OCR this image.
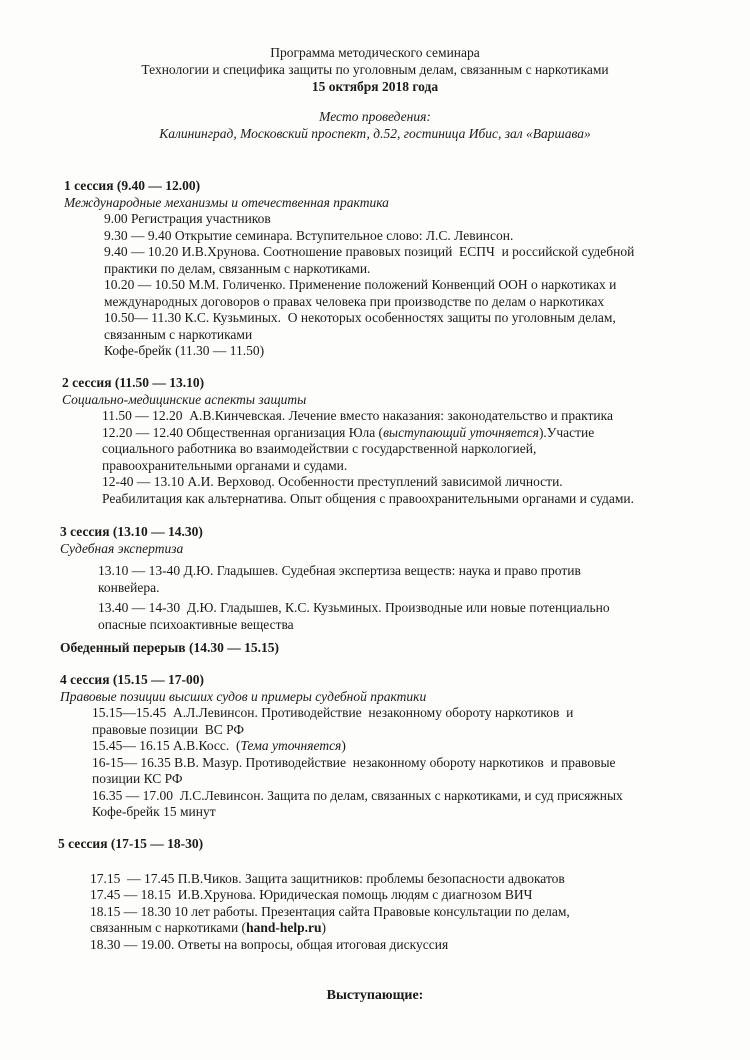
Программа методического семинара
Технологии и специфика защиты по уголовным делам, связанным с наркотиками
15 октября 2018 года
Место проведения:
Калининград, Московский проспект, д.52, гостиница Ибис, зал «Варшава»
1 сессия (9.40 — 12.00)
Международные механизмы и отечественная практика
9.00 Регистрация участников
9.30 — 9.40 Открытие семинара. Вступительное слово: Л.С. Левинсон.
9.40 — 10.20 И.В.Хрунова. Соотношение правовых позиций  ЕСПЧ  и российской судебной
практики по делам, связанным с наркотиками.
10.20 — 10.50 М.М. Голиченко. Применение положений Конвенций ООН о наркотиках и
международных договоров о правах человека при производстве по делам о наркотиках
10.50— 11.30 К.С. Кузьминых.  О некоторых особенностях защиты по уголовным делам,
связанным с наркотиками
Кофе-брейк (11.30 — 11.50)
2 сессия (11.50 — 13.10)
Социально-медицинские аспекты защиты
11.50 — 12.20  А.В.Кинчевская. Лечение вместо наказания: законодательство и практика
12.20 — 12.40 Общественная организация Юла (выступающий уточняется).Участие
социального работника во взаимодействии с государственной наркологией,
правоохранительными органами и судами.
12-40 — 13.10 А.И. Верховод. Особенности преступлений зависимой личности.
Реабилитация как альтернатива. Опыт общения с правоохранительными органами и судами.
3 сессия (13.10 — 14.30)
Судебная экспертиза
13.10 — 13-40 Д.Ю. Гладышев. Судебная экспертиза веществ: наука и право против
конвейера.
13.40 — 14-30  Д.Ю. Гладышев, К.С. Кузьминых. Производные или новые потенциально
опасные психоактивные вещества
Обеденный перерыв (14.30 — 15.15)
4 сессия (15.15 — 17-00)
Правовые позиции высших судов и примеры судебной практики
15.15—15.45  А.Л.Левинсон. Противодействие  незаконному обороту наркотиков  и
правовые позиции  ВС РФ
15.45— 16.15 А.В.Косс.  (Тема уточняется)
16-15— 16.35 В.В. Мазур. Противодействие  незаконному обороту наркотиков  и правовые
позиции КС РФ
16.35 — 17.00  Л.С.Левинсон. Защита по делам, связанных с наркотиками, и суд присяжных
Кофе-брейк 15 минут
5 сессия (17-15 — 18-30)
17.15  — 17.45 П.В.Чиков. Защита защитников: проблемы безопасности адвокатов
17.45 — 18.15  И.В.Хрунова. Юридическая помощь людям с диагнозом ВИЧ
18.15 — 18.30 10 лет работы. Презентация сайта Правовые консультации по делам,
связанным с наркотиками (hand-help.ru)
18.30 — 19.00. Ответы на вопросы, общая итоговая дискуссия
Выступающие:
